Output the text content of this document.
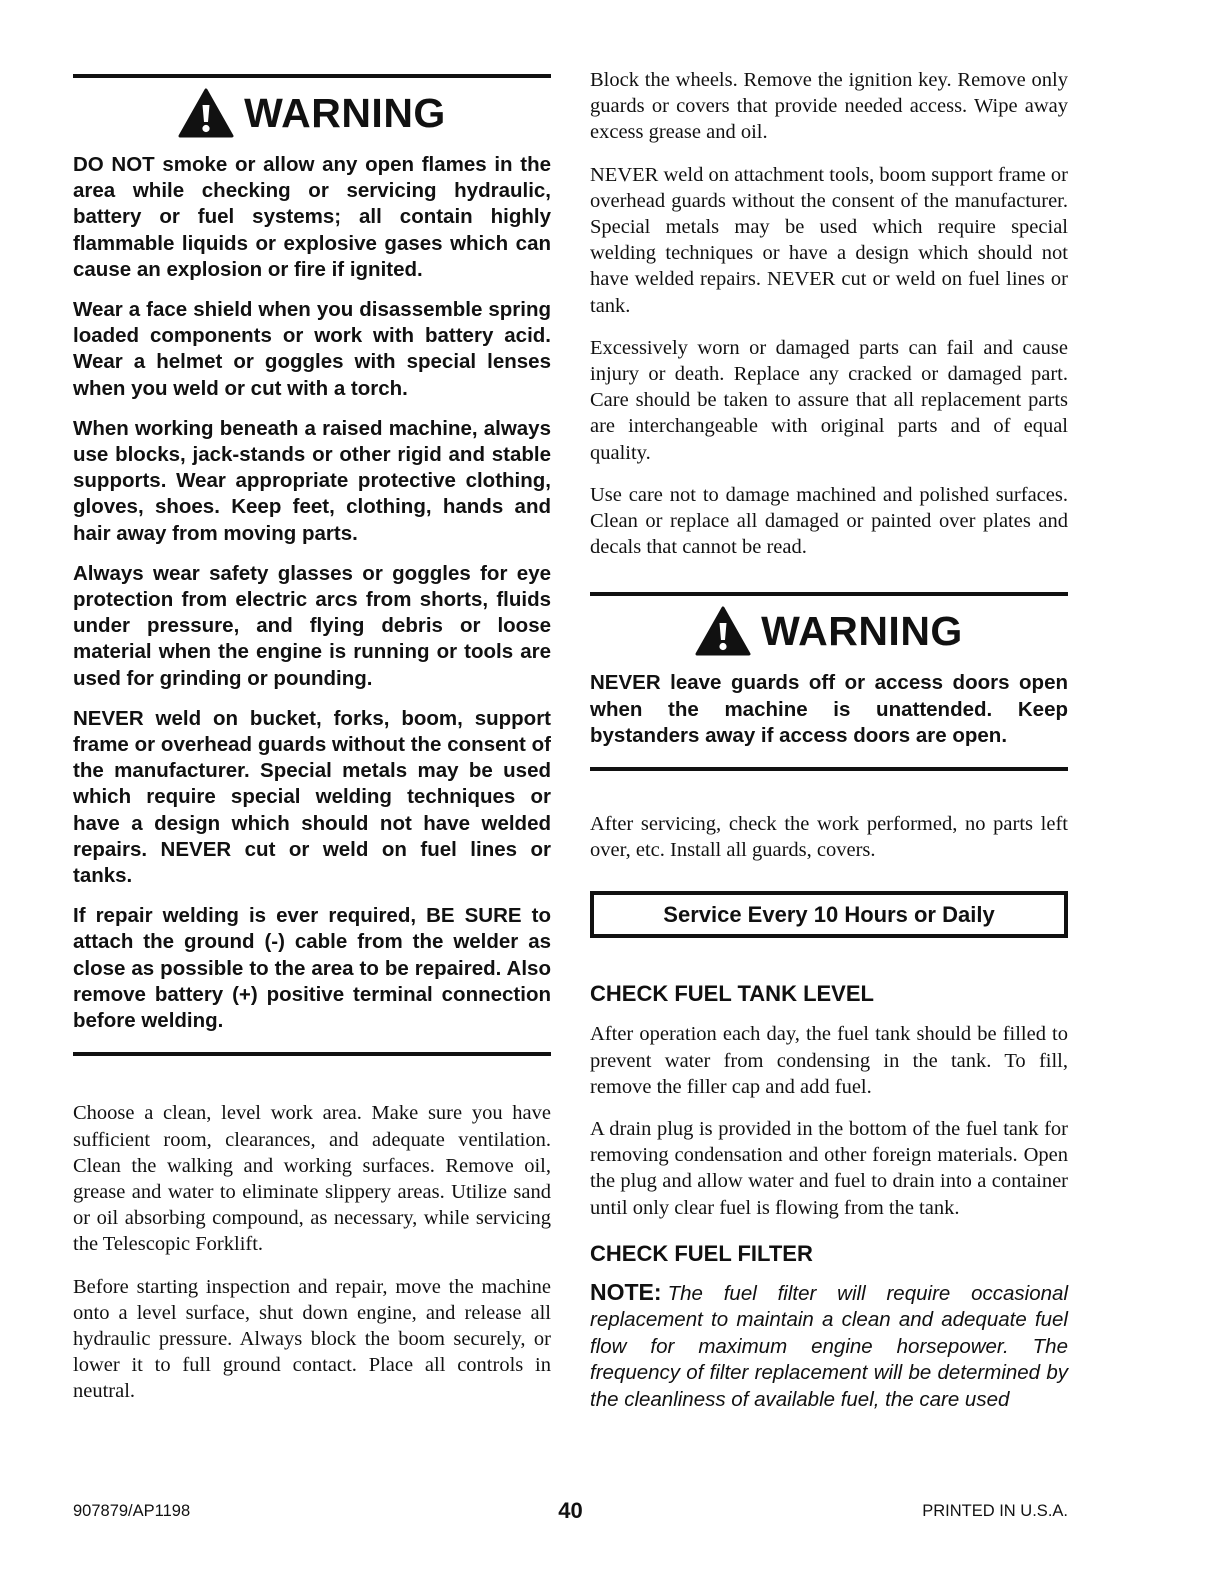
WARNING

DO NOT smoke or allow any open flames in the area while checking or servicing hydraulic, battery or fuel systems; all contain highly flammable liquids or explosive gases which can cause an explosion or fire if ignited.

Wear a face shield when you disassemble spring loaded components or work with battery acid. Wear a helmet or goggles with special lenses when you weld or cut with a torch.

When working beneath a raised machine, always use blocks, jack-stands or other rigid and stable supports. Wear appropriate protective clothing, gloves, shoes. Keep feet, clothing, hands and hair away from moving parts.

Always wear safety glasses or goggles for eye protection from electric arcs from shorts, fluids under pressure, and flying debris or loose material when the engine is running or tools are used for grinding or pounding.

NEVER weld on bucket, forks, boom, support frame or overhead guards without the consent of the manufacturer. Special metals may be used which require special welding techniques or have a design which should not have welded repairs. NEVER cut or weld on fuel lines or tanks.

If repair welding is ever required, BE SURE to attach the ground (-) cable from the welder as close as possible to the area to be repaired. Also remove battery (+) positive terminal connection before welding.

Choose a clean, level work area. Make sure you have sufficient room, clearances, and adequate ventilation. Clean the walking and working surfaces. Remove oil, grease and water to eliminate slippery areas. Utilize sand or oil absorbing compound, as necessary, while servicing the Telescopic Forklift.

Before starting inspection and repair, move the machine onto a level surface, shut down engine, and release all hydraulic pressure. Always block the boom securely, or lower it to full ground contact. Place all controls in neutral.

Block the wheels. Remove the ignition key. Remove only guards or covers that provide needed access. Wipe away excess grease and oil.

NEVER weld on attachment tools, boom support frame or overhead guards without the consent of the manufacturer. Special metals may be used which require special welding techniques or have a design which should not have welded repairs. NEVER cut or weld on fuel lines or tank.

Excessively worn or damaged parts can fail and cause injury or death. Replace any cracked or damaged part. Care should be taken to assure that all replacement parts are interchangeable with original parts and of equal quality.

Use care not to damage machined and polished surfaces. Clean or replace all damaged or painted over plates and decals that cannot be read.

WARNING

NEVER leave guards off or access doors open when the machine is unattended. Keep bystanders away if access doors are open.

After servicing, check the work performed, no parts left over, etc. Install all guards, covers.

Service Every 10 Hours or Daily
CHECK FUEL TANK LEVEL

After operation each day, the fuel tank should be filled to prevent water from condensing in the tank. To fill, remove the filler cap and add fuel.

A drain plug is provided in the bottom of the fuel tank for removing condensation and other foreign materials. Open the plug and allow water and fuel to drain into a container until only clear fuel is flowing from the tank.

CHECK FUEL FILTER

NOTE: The fuel filter will require occasional replacement to maintain a clean and adequate fuel flow for maximum engine horsepower. The frequency of filter replacement will be determined by the cleanliness of available fuel, the care used

907879/AP1198	40	PRINTED IN U.S.A.
